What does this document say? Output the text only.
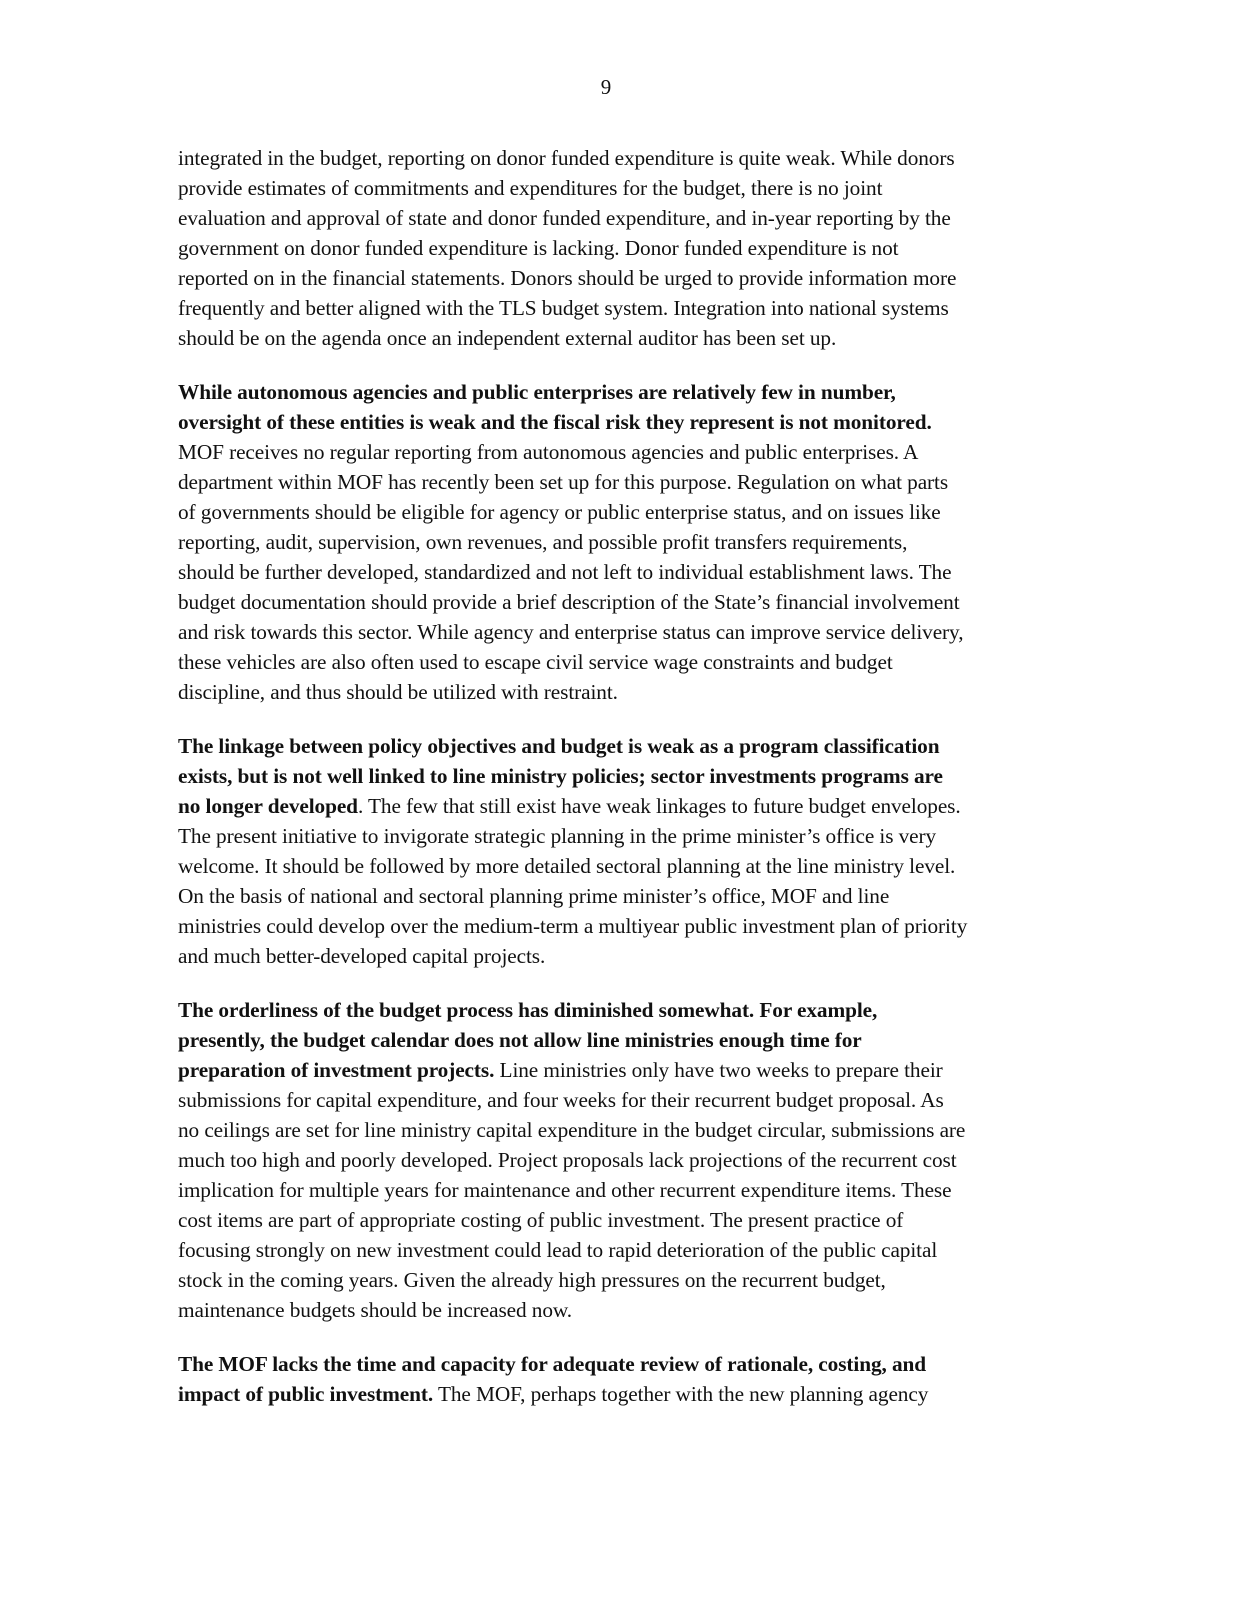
9
integrated in the budget, reporting on donor funded expenditure is quite weak. While donors
provide estimates of commitments and expenditures for the budget, there is no joint
evaluation and approval of state and donor funded expenditure, and in-year reporting by the
government on donor funded expenditure is lacking. Donor funded expenditure is not
reported on in the financial statements. Donors should be urged to provide information more
frequently and better aligned with the TLS budget system. Integration into national systems
should be on the agenda once an independent external auditor has been set up.
While autonomous agencies and public enterprises are relatively few in number,
oversight of these entities is weak and the fiscal risk they represent is not monitored.
MOF receives no regular reporting from autonomous agencies and public enterprises. A
department within MOF has recently been set up for this purpose. Regulation on what parts
of governments should be eligible for agency or public enterprise status, and on issues like
reporting, audit, supervision, own revenues, and possible profit transfers requirements,
should be further developed, standardized and not left to individual establishment laws. The
budget documentation should provide a brief description of the State’s financial involvement
and risk towards this sector. While agency and enterprise status can improve service delivery,
these vehicles are also often used to escape civil service wage constraints and budget
discipline, and thus should be utilized with restraint.
The linkage between policy objectives and budget is weak as a program classification
exists, but is not well linked to line ministry policies; sector investments programs are
no longer developed. The few that still exist have weak linkages to future budget envelopes.
The present initiative to invigorate strategic planning in the prime minister’s office is very
welcome. It should be followed by more detailed sectoral planning at the line ministry level.
On the basis of national and sectoral planning prime minister’s office, MOF and line
ministries could develop over the medium-term a multiyear public investment plan of priority
and much better-developed capital projects.
The orderliness of the budget process has diminished somewhat. For example,
presently, the budget calendar does not allow line ministries enough time for
preparation of investment projects. Line ministries only have two weeks to prepare their
submissions for capital expenditure, and four weeks for their recurrent budget proposal. As
no ceilings are set for line ministry capital expenditure in the budget circular, submissions are
much too high and poorly developed. Project proposals lack projections of the recurrent cost
implication for multiple years for maintenance and other recurrent expenditure items. These
cost items are part of appropriate costing of public investment. The present practice of
focusing strongly on new investment could lead to rapid deterioration of the public capital
stock in the coming years. Given the already high pressures on the recurrent budget,
maintenance budgets should be increased now.
The MOF lacks the time and capacity for adequate review of rationale, costing, and
impact of public investment. The MOF, perhaps together with the new planning agency
